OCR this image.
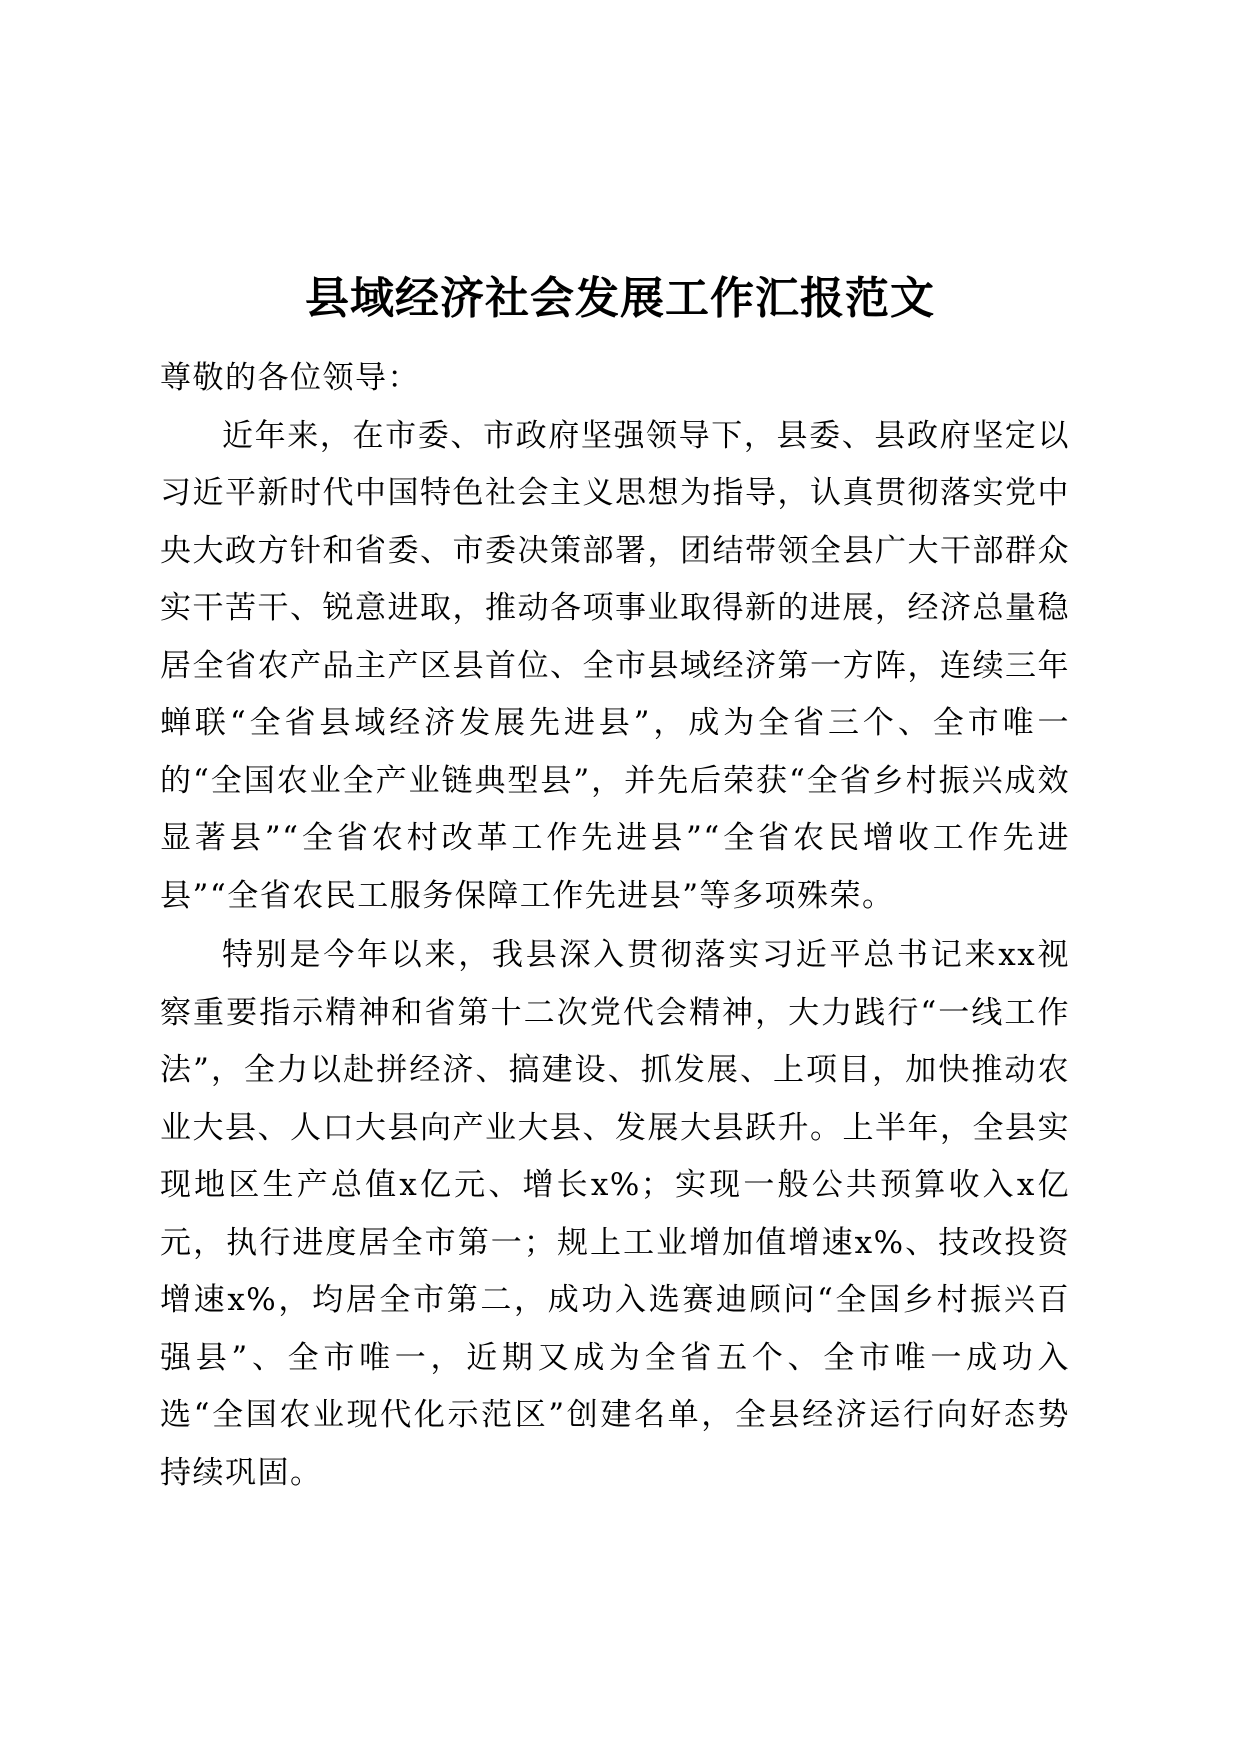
县域经济社会发展工作汇报范文

尊敬的各位领导：

近年来，在市委、市政府坚强领导下，县委、县政府坚定以习近平新时代中国特色社会主义思想为指导，认真贯彻落实党中央大政方针和省委、市委决策部署，团结带领全县广大干部群众实干苦干、锐意进取，推动各项事业取得新的进展，经济总量稳居全省农产品主产区县首位、全市县域经济第一方阵，连续三年蝉联“全省县域经济发展先进县”，成为全省三个、全市唯一的“全国农业全产业链典型县”，并先后荣获“全省乡村振兴成效显著县”“全省农村改革工作先进县”“全省农民增收工作先进县”“全省农民工服务保障工作先进县”等多项殊荣。

特别是今年以来，我县深入贯彻落实习近平总书记来xx视察重要指示精神和省第十二次党代会精神，大力践行“一线工作法”，全力以赴拼经济、搞建设、抓发展、上项目，加快推动农业大县、人口大县向产业大县、发展大县跃升。上半年，全县实现地区生产总值x亿元、增长x%；实现一般公共预算收入x亿元，执行进度居全市第一；规上工业增加值增速x%、技改投资增速x%，均居全市第二，成功入选赛迪顾问“全国乡村振兴百强县”、全市唯一，近期又成为全省五个、全市唯一成功入选“全国农业现代化示范区”创建名单，全县经济运行向好态势持续巩固。
